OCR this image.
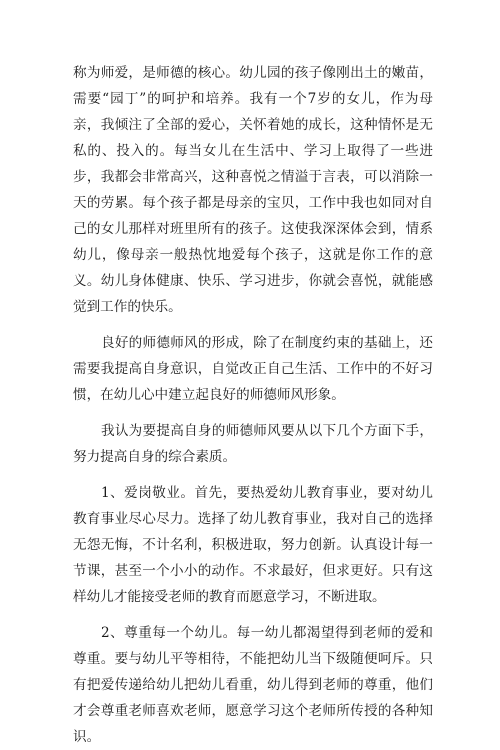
称为师爱，是师德的核心。幼儿园的孩子像刚出土的嫩苗，需要“园丁”的呵护和培养。我有一个7岁的女儿，作为母亲，我倾注了全部的爱心，关怀着她的成长，这种情怀是无私的、投入的。每当女儿在生活中、学习上取得了一些进步，我都会非常高兴，这种喜悦之情溢于言表，可以消除一天的劳累。每个孩子都是母亲的宝贝，工作中我也如同对自己的女儿那样对班里所有的孩子。这使我深深体会到，情系幼儿，像母亲一般热忱地爱每个孩子，这就是你工作的意义。幼儿身体健康、快乐、学习进步，你就会喜悦，就能感觉到工作的快乐。

良好的师德师风的形成，除了在制度约束的基础上，还需要我提高自身意识，自觉改正自己生活、工作中的不好习惯，在幼儿心中建立起良好的师德师风形象。

我认为要提高自身的师德师风要从以下几个方面下手，努力提高自身的综合素质。

1、爱岗敬业。首先，要热爱幼儿教育事业，要对幼儿教育事业尽心尽力。选择了幼儿教育事业，我对自己的选择无怨无悔，不计名利，积极进取，努力创新。认真设计每一节课，甚至一个小小的动作。不求最好，但求更好。只有这样幼儿才能接受老师的教育而愿意学习，不断进取。

2、尊重每一个幼儿。每一幼儿都渴望得到老师的爱和尊重。要与幼儿平等相待，不能把幼儿当下级随便呵斥。只有把爱传递给幼儿把幼儿看重，幼儿得到老师的尊重，他们才会尊重老师喜欢老师，愿意学习这个老师所传授的各种知识。
